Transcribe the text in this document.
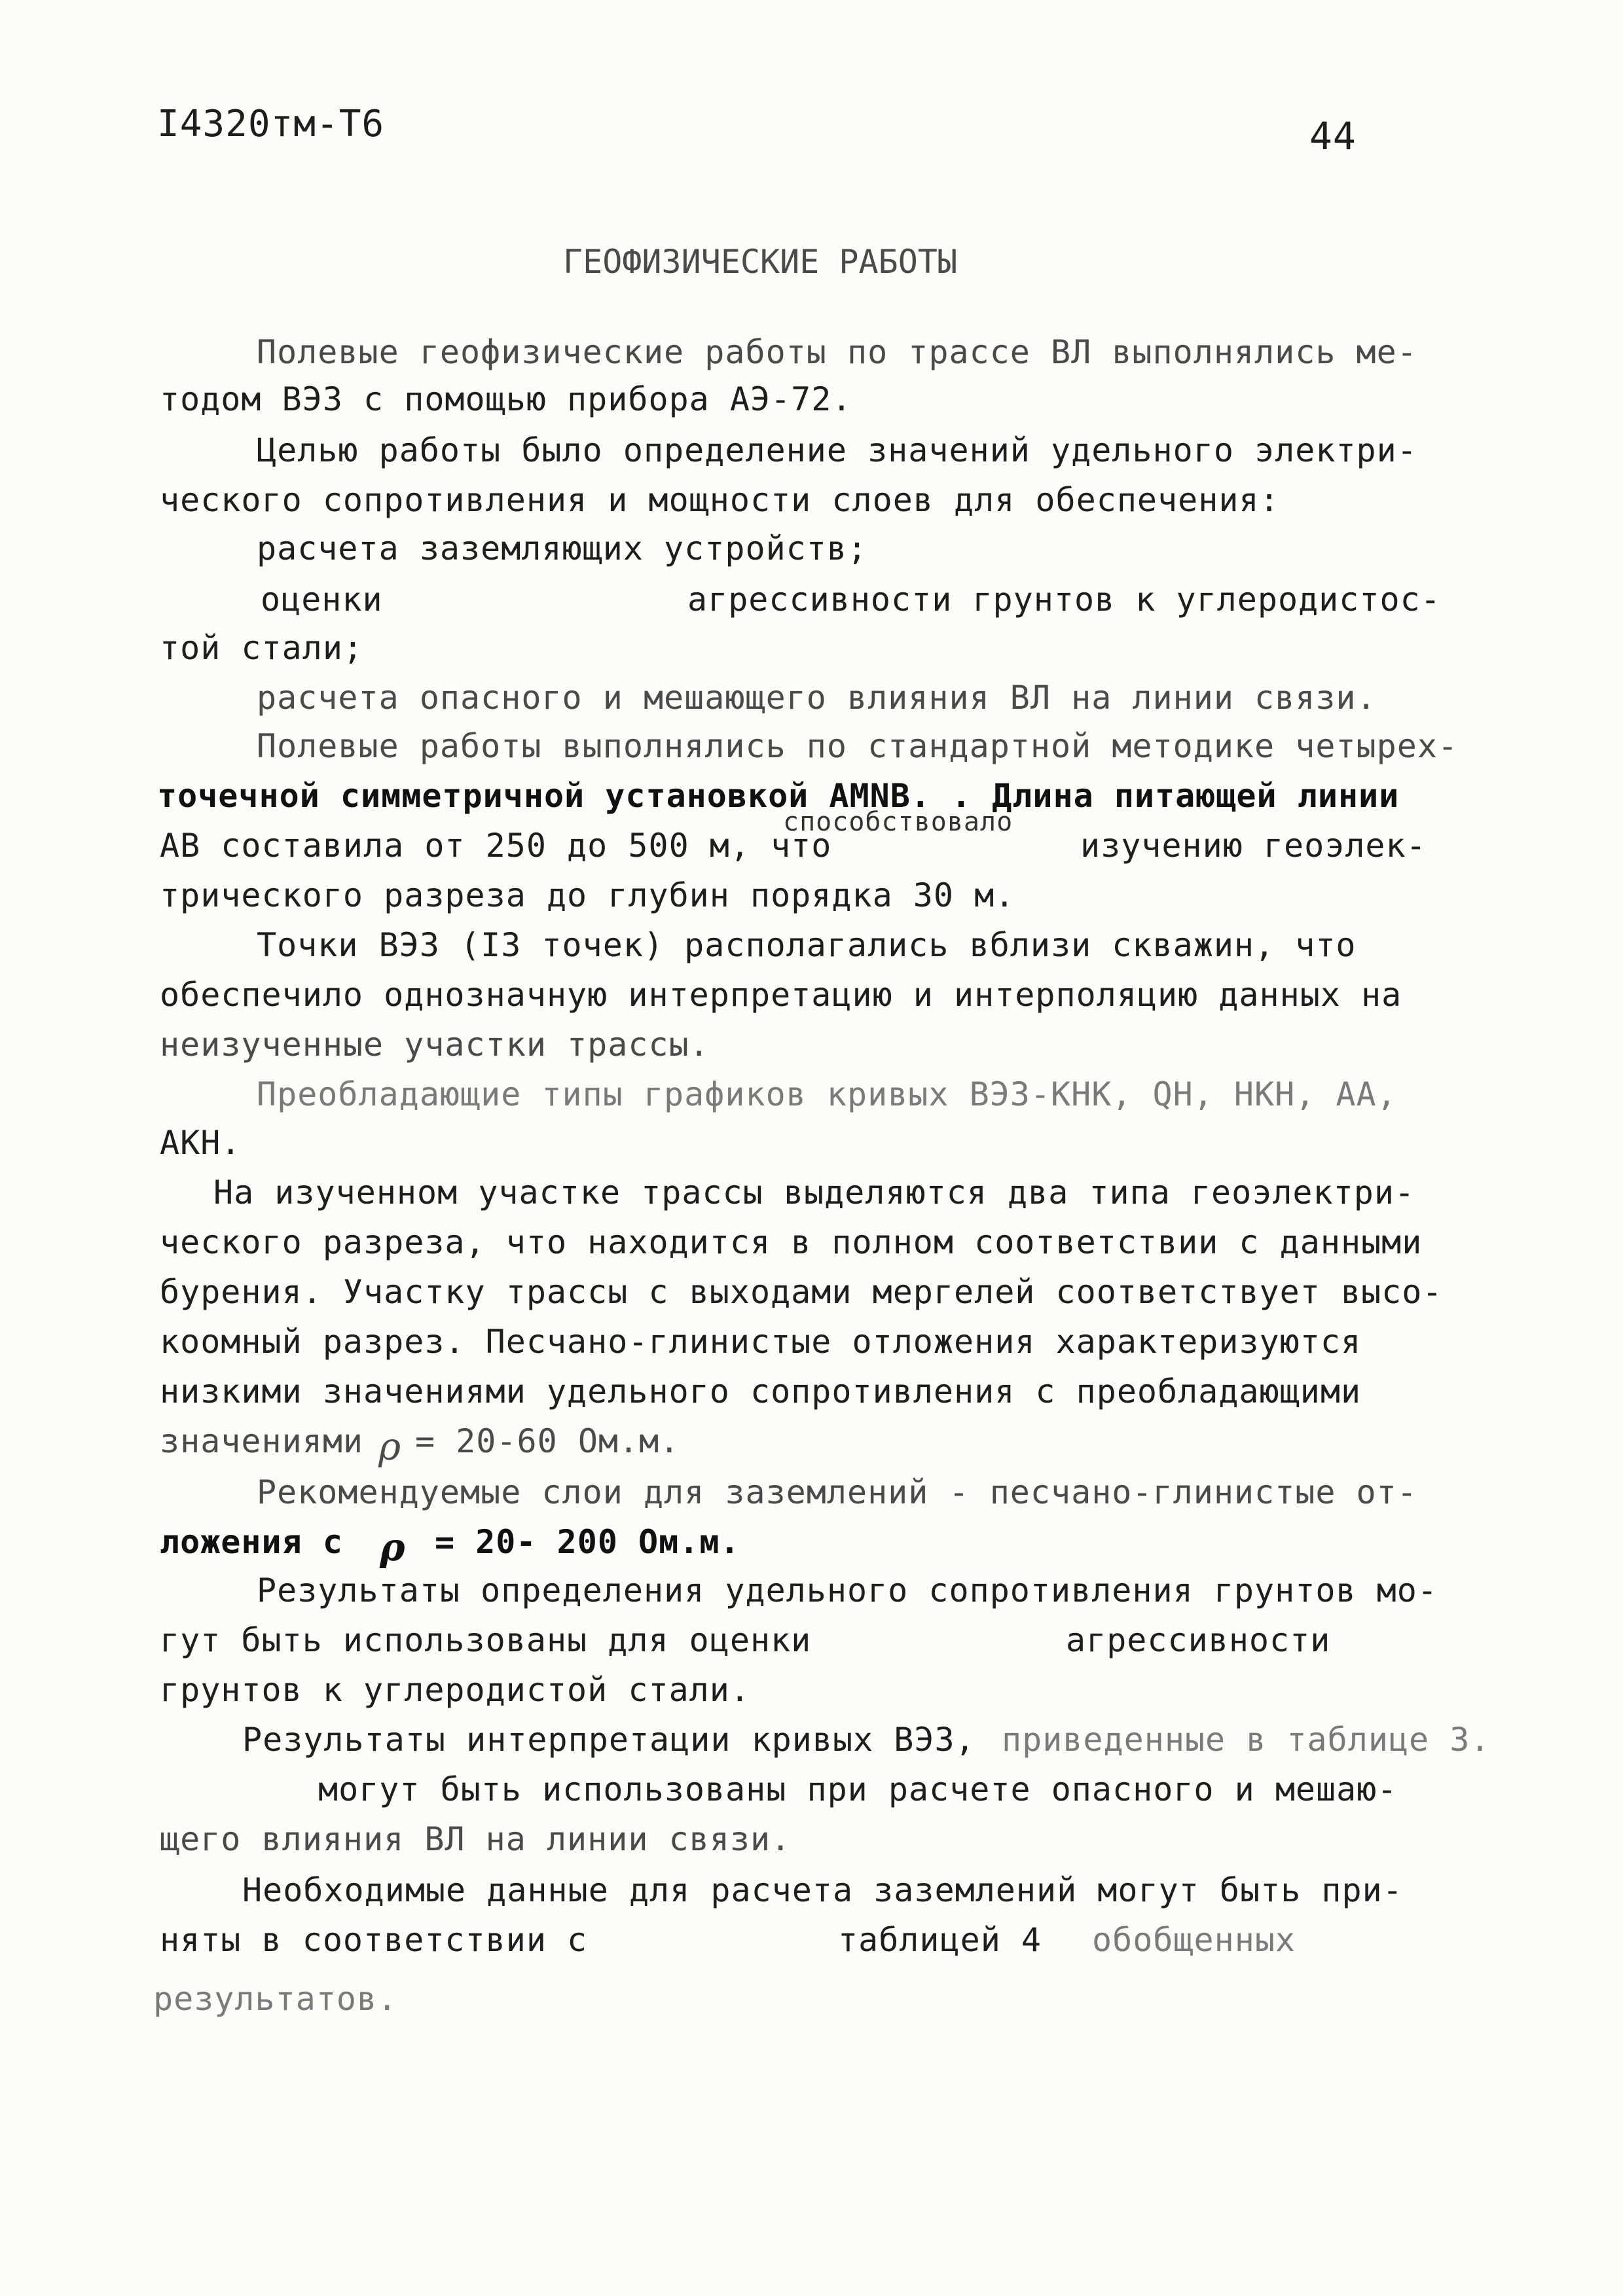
I4320тм-Т6	44
ГЕОФИЗИЧЕСКИЕ РАБОТЫ
Полевые геофизические работы по трассе ВЛ выполнялись ме-
тодом ВЭЗ с помощью прибора АЭ-72.
Целью работы было определение значений удельного электри-
ческого сопротивления и мощности слоев для обеспечения:
расчета заземляющих устройств;
оценки	агрессивности грунтов к углеродистос-
той стали;
расчета опасного и мешающего влияния ВЛ на линии связи.
Полевые работы выполнялись по стандартной методике четырех-
точечной симметричной установкой AMNB. . Длина питающей линии
способствовало
АВ составила от 250 до 500 м, что	изучению геоэлек-
трического разреза до глубин порядка 30 м.
Точки ВЭЗ (I3 точек) располагались вблизи скважин, что
обеспечило однозначную интерпретацию и интерполяцию данных на
неизученные участки трассы.
Преобладающие типы графиков кривых ВЭЗ-КНК, QН, НКН, АА,
АКН.
На изученном участке трассы выделяются два типа геоэлектри-
ческого разреза, что находится в полном соответствии с данными
бурения. Участку трассы с выходами мергелей соответствует высо-
коомный разрез. Песчано-глинистые отложения характеризуются
низкими значениями удельного сопротивления с преобладающими
значениями ρ = 20-60 Ом.м.
Рекомендуемые слои для заземлений - песчано-глинистые от-
ложения с ρ = 20- 200 Ом.м.
Результаты определения удельного сопротивления грунтов мо-
гут быть использованы для оценки	агрессивности
грунтов к углеродистой стали.
Результаты интерпретации кривых ВЭЗ, приведенные в таблице 3.
могут быть использованы при расчете опасного и мешаю-
щего влияния ВЛ на линии связи.
Необходимые данные для расчета заземлений могут быть при-
няты в соответствии с	таблицей 4 обобщенных
результатов.
